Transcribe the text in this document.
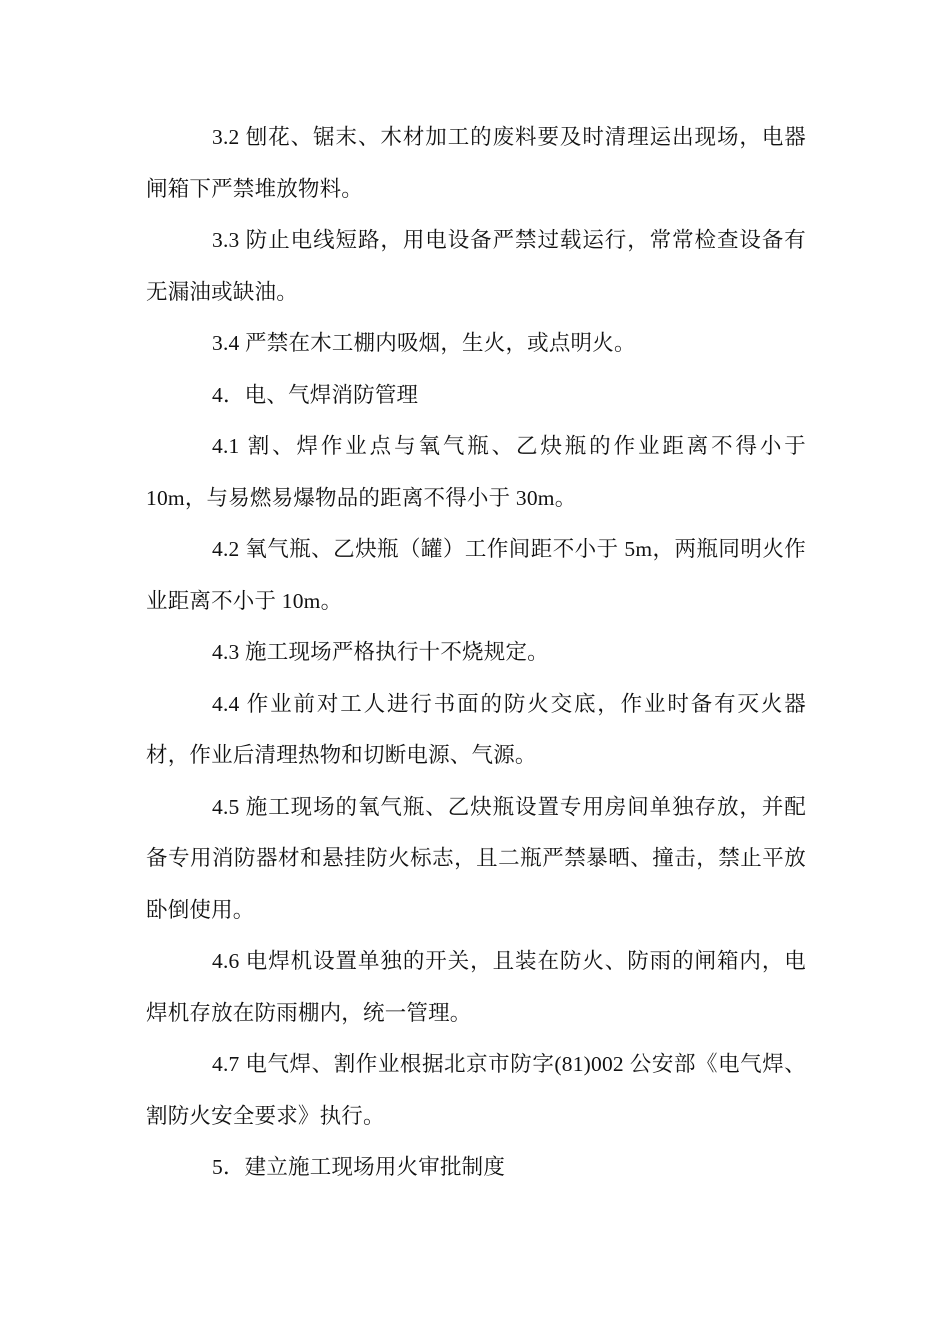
3.2 刨花、锯末、木材加工的废料要及时清理运出现场，电器闸箱下严禁堆放物料。

3.3 防止电线短路，用电设备严禁过载运行，常常检查设备有无漏油或缺油。

3.4 严禁在木工棚内吸烟，生火，或点明火。

4．电、气焊消防管理

4.1 割、焊作业点与氧气瓶、乙炔瓶的作业距离不得小于 10m，与易燃易爆物品的距离不得小于 30m。

4.2 氧气瓶、乙炔瓶（罐）工作间距不小于 5m，两瓶同明火作业距离不小于 10m。

4.3 施工现场严格执行十不烧规定。

4.4 作业前对工人进行书面的防火交底，作业时备有灭火器材，作业后清理热物和切断电源、气源。

4.5 施工现场的氧气瓶、乙炔瓶设置专用房间单独存放，并配备专用消防器材和悬挂防火标志，且二瓶严禁暴晒、撞击，禁止平放卧倒使用。

4.6 电焊机设置单独的开关，且装在防火、防雨的闸箱内，电焊机存放在防雨棚内，统一管理。

4.7 电气焊、割作业根据北京市防字(81)002 公安部《电气焊、割防火安全要求》执行。

5．建立施工现场用火审批制度
